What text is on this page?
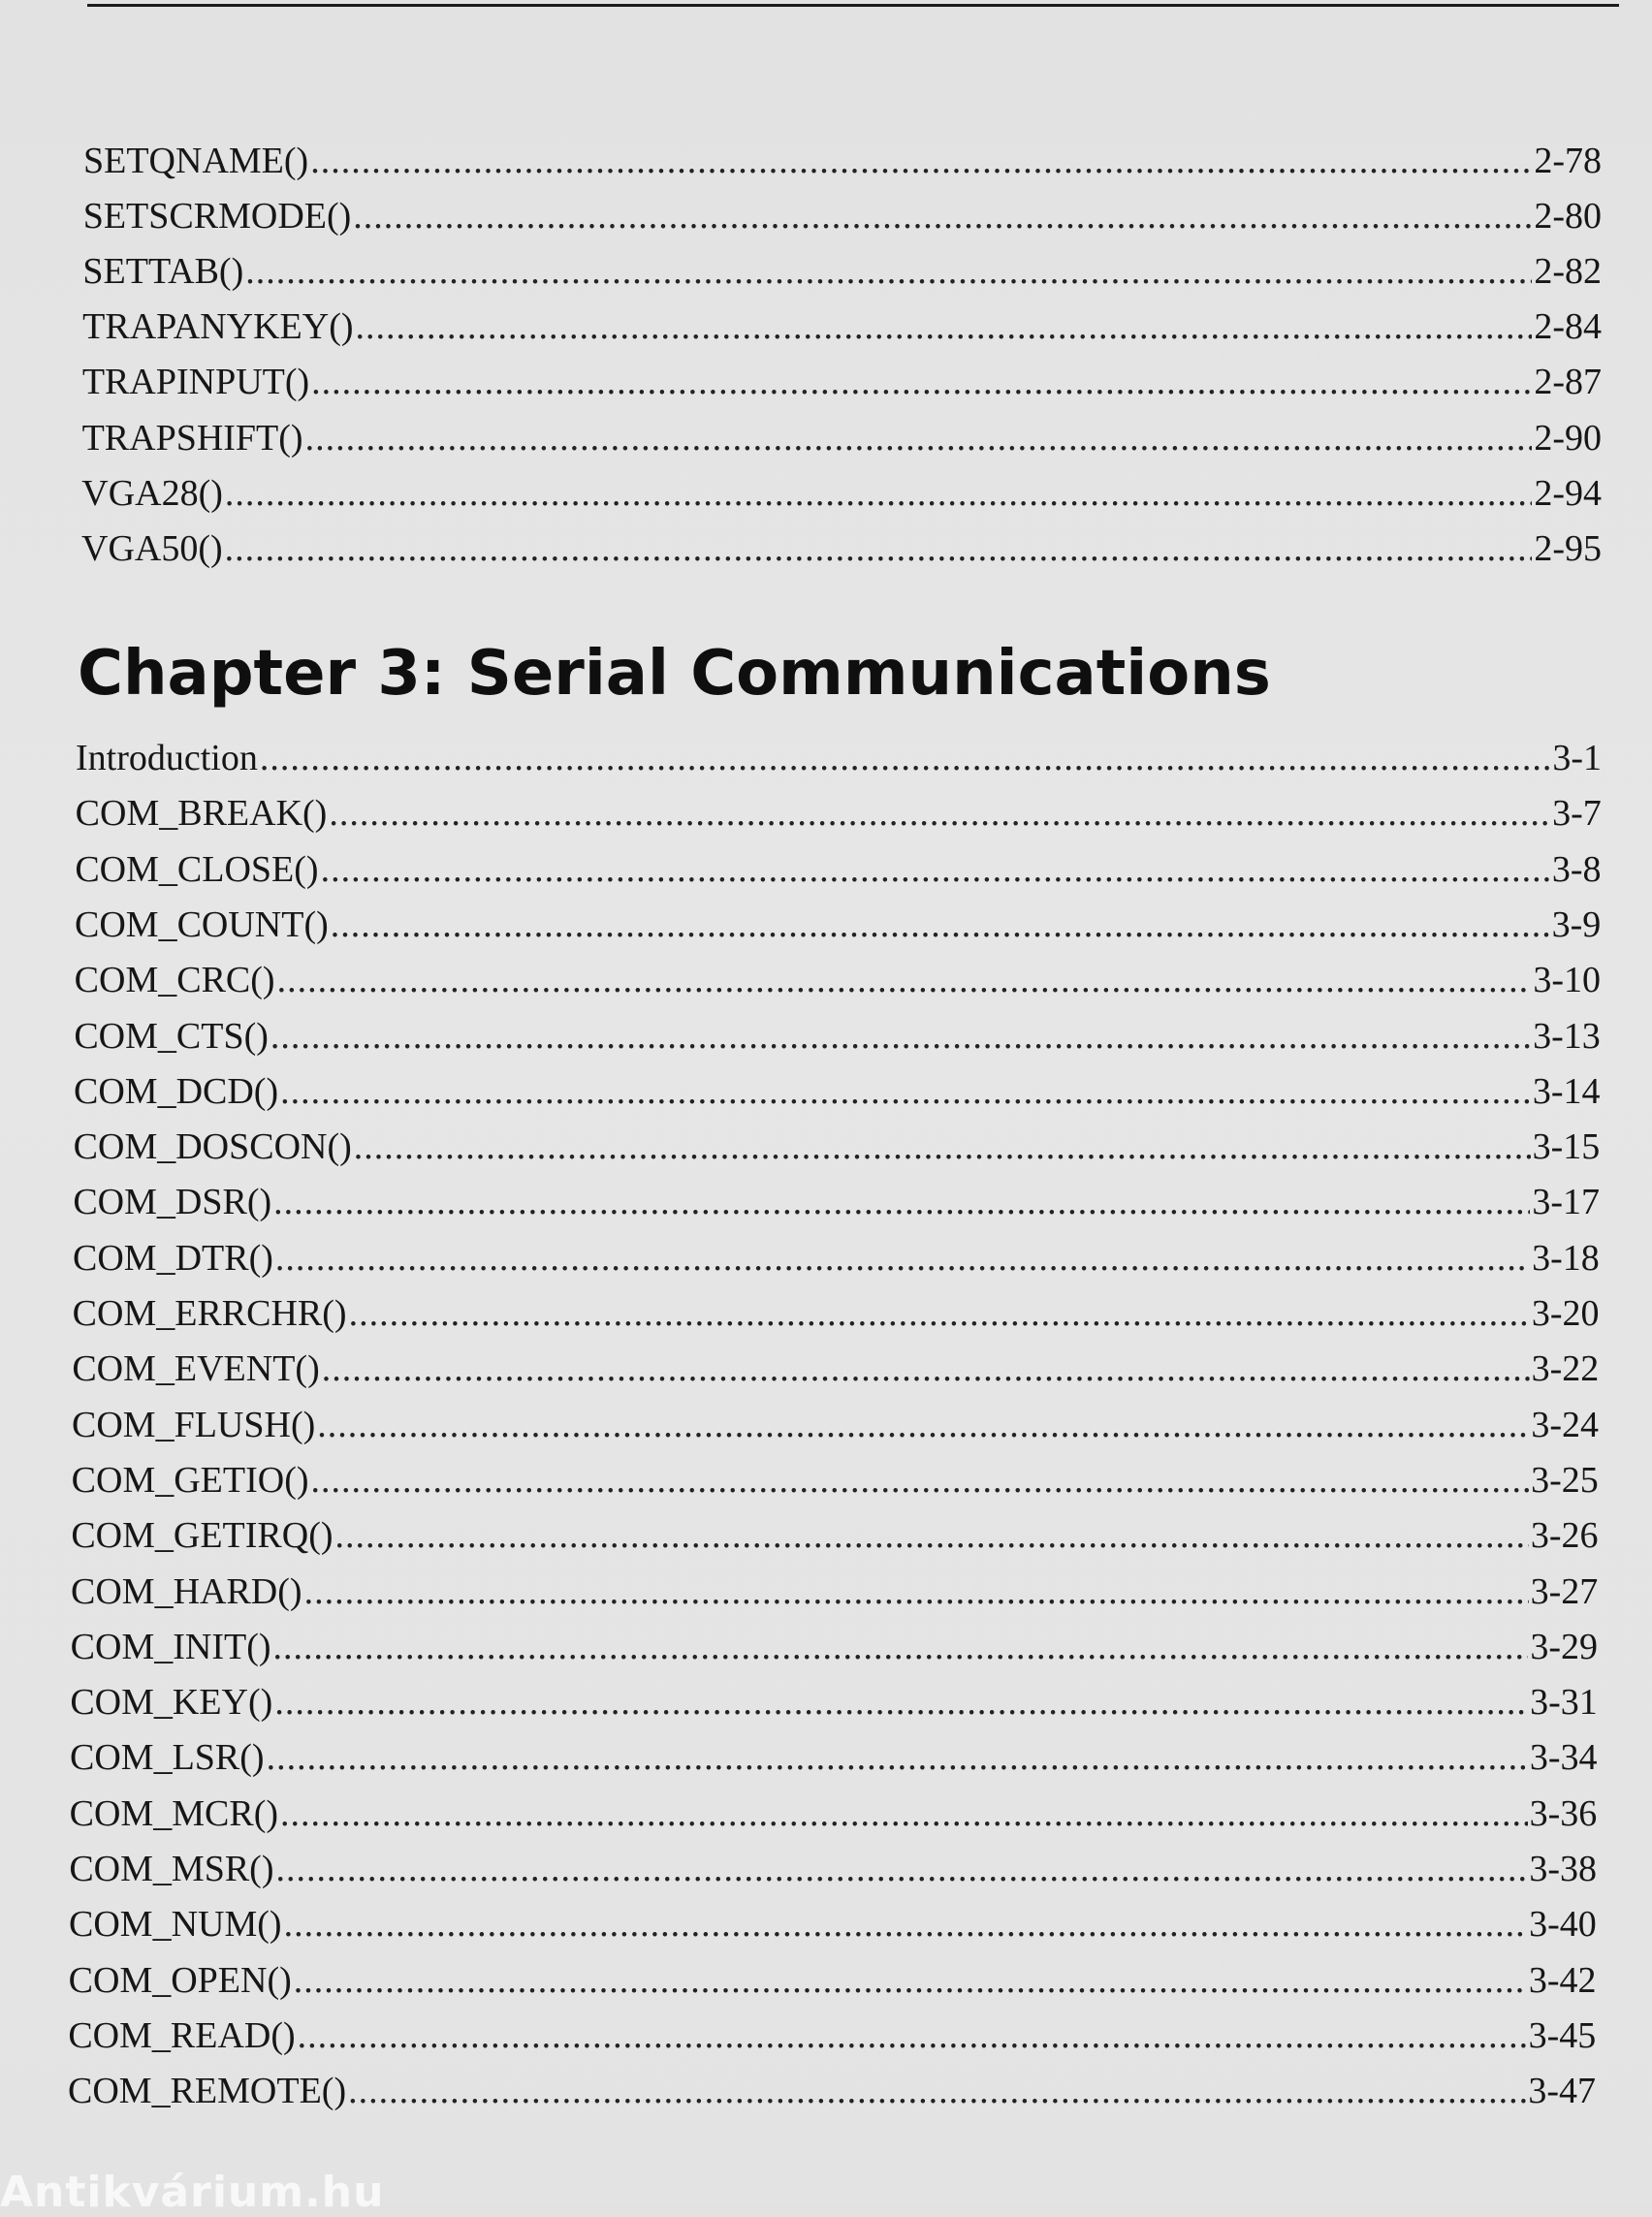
SETQNAME() .....	2-78
SETSCRMODE() .....	2-80
SETTAB() .....	2-82
TRAPANYKEY() .....	2-84
TRAPINPUT() .....	2-87
TRAPSHIFT() .....	2-90
VGA28() .....	2-94
VGA50() .....	2-95
Chapter 3: Serial Communications
Introduction .....	3-1
COM_BREAK() .....	3-7
COM_CLOSE() .....	3-8
COM_COUNT() .....	3-9
COM_CRC() .....	3-10
COM_CTS() .....	3-13
COM_DCD() .....	3-14
COM_DOSCON() .....	3-15
COM_DSR() .....	3-17
COM_DTR() .....	3-18
COM_ERRCHR() .....	3-20
COM_EVENT() .....	3-22
COM_FLUSH() .....	3-24
COM_GETIO() .....	3-25
COM_GETIRQ() .....	3-26
COM_HARD() .....	3-27
COM_INIT() .....	3-29
COM_KEY() .....	3-31
COM_LSR() .....	3-34
COM_MCR() .....	3-36
COM_MSR() .....	3-38
COM_NUM() .....	3-40
COM_OPEN() .....	3-42
COM_READ() .....	3-45
COM_REMOTE() .....	3-47
Antikvárium.hu
